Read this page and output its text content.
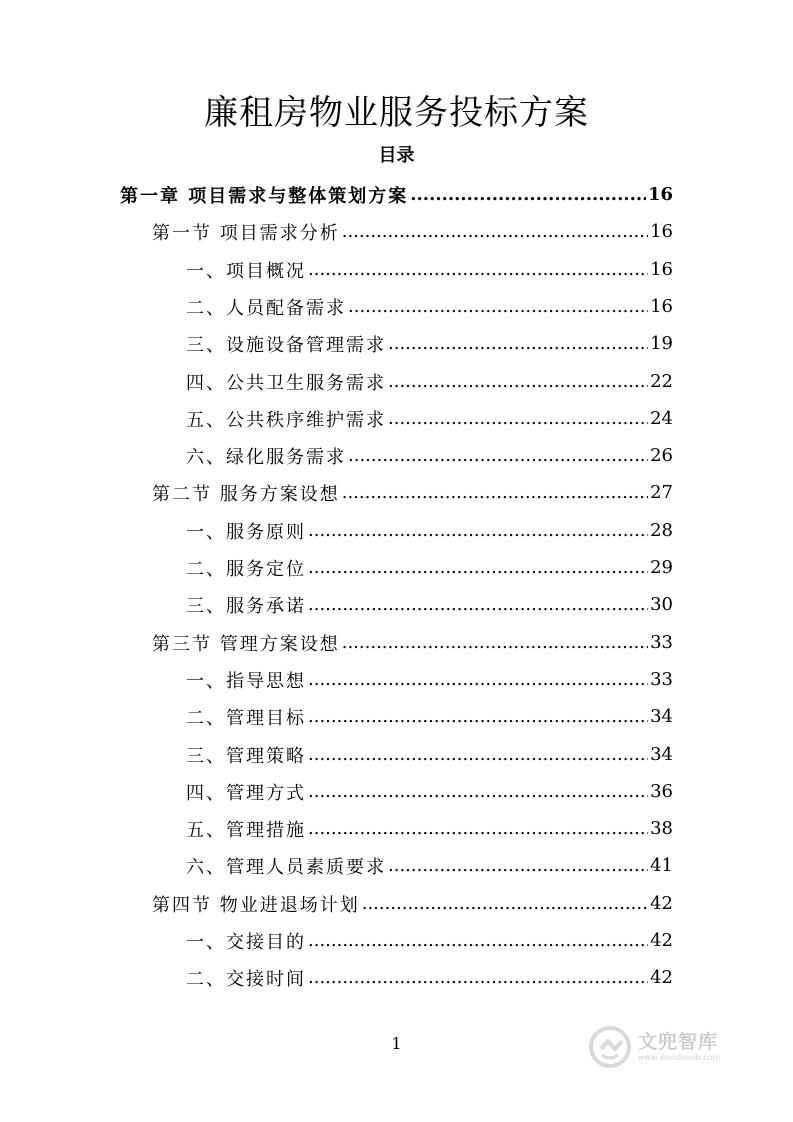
廉租房物业服务投标方案
目录
第一章 项目需求与整体策划方案 .....	16
第一节 项目需求分析 .....	16
一、项目概况 .....	16
二、人员配备需求 .....	16
三、设施设备管理需求 .....	19
四、公共卫生服务需求 .....	22
五、公共秩序维护需求 .....	24
六、绿化服务需求 .....	26
第二节 服务方案设想 .....	27
一、服务原则 .....	28
二、服务定位 .....	29
三、服务承诺 .....	30
第三节 管理方案设想 .....	33
一、指导思想 .....	33
二、管理目标 .....	34
三、管理策略 .....	34
四、管理方式 .....	36
五、管理措施 .....	38
六、管理人员素质要求 .....	41
第四节 物业进退场计划 .....	42
一、交接目的 .....	42
二、交接时间 .....	42
1	文兜智库
www.wendoulib.com
